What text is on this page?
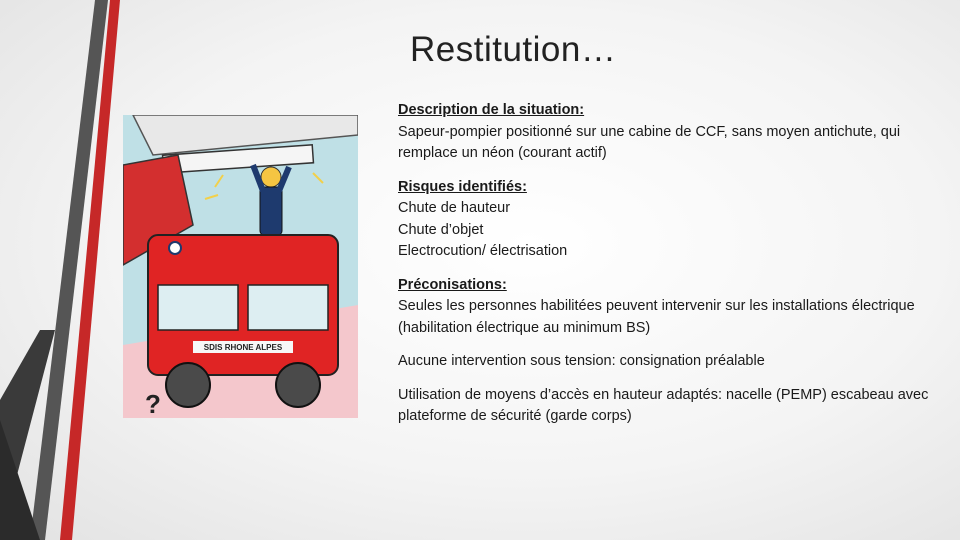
Restitution…
SDIS RHONE ALPES
?
Description de la situation:
Sapeur-pompier positionné sur une cabine de CCF, sans moyen antichute, qui remplace un néon (courant actif)
Risques identifiés:
Chute de hauteur
Chute d’objet
Electrocution/ électrisation
Préconisations:
Seules les personnes habilitées peuvent intervenir sur les installations électrique (habilitation électrique au minimum BS)
Aucune intervention sous tension: consignation préalable
Utilisation de moyens d’accès en hauteur adaptés: nacelle (PEMP) escabeau avec plateforme de sécurité (garde corps)
